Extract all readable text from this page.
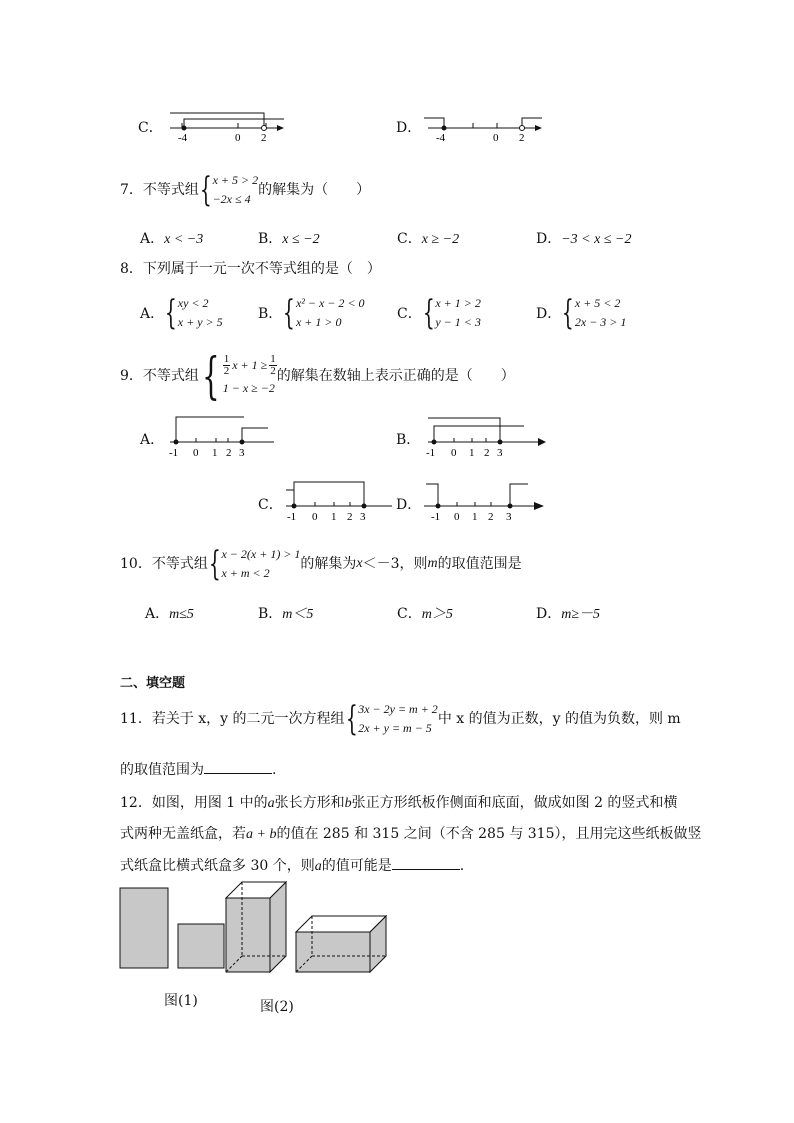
C．
-4	0 2
D．
-4	0 2
7． 不等式组 { x + 5 > 2
−2x ≤ 4
的解集为（　　）
A．x < −3	B．x ≤ −2	C．x ≥ −2	D．−3 < x ≤ −2
8．下列属于一元一次不等式组的是（　）
A． { xy < 2
x + y > 5	B． { x² − x − 2 < 0
x + 1 > 0	C． { x + 1 > 2
y − 1 < 3	D． { x + 5 < 2
2x − 3 > 1
9． 不等式组 { $\frac{1}{2}$ $x + 1 \ge \frac{1}{2}$
1 − x ≥ −2
的解集在数轴上表示正确的是（　　）
A．
-1 0 1 2 3
B．
-1 0 1 2 3
C．
-1 0 1 2 3
D．
-1 0 1 2 3
10． 不等式组 { x − 2(x + 1) > 1
x + m < 2
的解集为 x ＜－3，则 m 的取值范围是
A．m≤5	B．m＜5	C．m＞5	D．m≥－5
二、填空题
11． 若关于 x，y 的二元一次方程组 { 3x − 2y = m + 2
2x + y = m − 5
中 x 的值为正数，y 的值为负数，则 m
的取值范围为	.
12．如图，用图 1 中的a张长方形和b张正方形纸板作侧面和底面，做成如图 2 的竖式和横
式两种无盖纸盒，若a + b的值在 285 和 315 之间（不含 285 与 315），且用完这些纸板做竖
式纸盒比横式纸盒多 30 个，则a的值可能是	.
图(1)	图(2)
